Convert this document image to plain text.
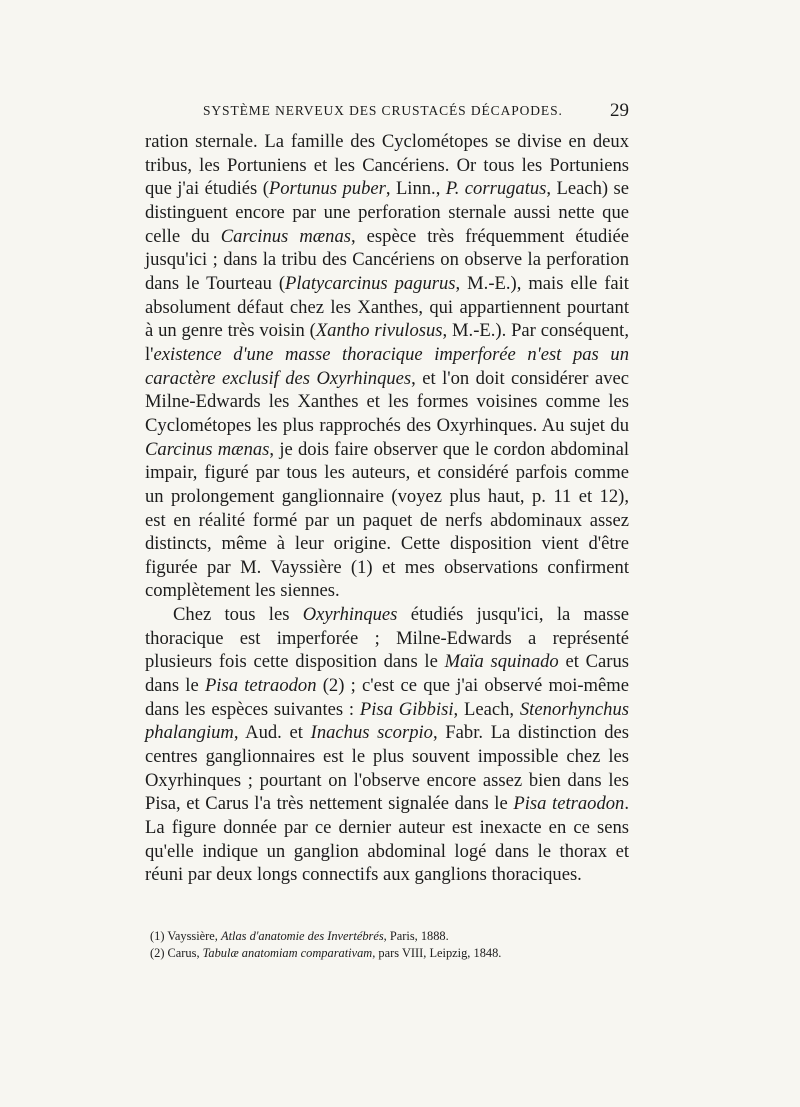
SYSTÈME NERVEUX DES CRUSTACÉS DÉCAPODES. 29

ration sternale. La famille des Cyclométopes se divise en deux tribus, les Portuniens et les Cancériens. Or tous les Portuniens que j'ai étudiés (Portunus puber, Linn., P. corrugatus, Leach) se distinguent encore par une perforation sternale aussi nette que celle du Carcinus mænas, espèce très fréquemment étudiée jusqu'ici ; dans la tribu des Cancériens on observe la perforation dans le Tourteau (Platycarcinus pagurus, M.-E.), mais elle fait absolument défaut chez les Xanthes, qui appartiennent pourtant à un genre très voisin (Xantho rivulosus, M.-E.). Par conséquent, l'existence d'une masse thoracique imperforée n'est pas un caractère exclusif des Oxyrhinques, et l'on doit considérer avec Milne-Edwards les Xanthes et les formes voisines comme les Cyclométopes les plus rapprochés des Oxyrhinques. Au sujet du Carcinus mænas, je dois faire observer que le cordon abdominal impair, figuré par tous les auteurs, et considéré parfois comme un prolongement ganglionnaire (voyez plus haut, p. 11 et 12), est en réalité formé par un paquet de nerfs abdominaux assez distincts, même à leur origine. Cette disposition vient d'être figurée par M. Vayssière (1) et mes observations confirment complètement les siennes.

Chez tous les Oxyrhinques étudiés jusqu'ici, la masse thoracique est imperforée ; Milne-Edwards a représenté plusieurs fois cette disposition dans le Maïa squinado et Carus dans le Pisa tetraodon (2) ; c'est ce que j'ai observé moi-même dans les espèces suivantes : Pisa Gibbisi, Leach, Stenorhynchus phalangium, Aud. et Inachus scorpio, Fabr. La distinction des centres ganglionnaires est le plus souvent impossible chez les Oxyrhinques ; pourtant on l'observe encore assez bien dans les Pisa, et Carus l'a très nettement signalée dans le Pisa tetraodon. La figure donnée par ce dernier auteur est inexacte en ce sens qu'elle indique un ganglion abdominal logé dans le thorax et réuni par deux longs connectifs aux ganglions thoraciques.

(1) Vayssière, Atlas d'anatomie des Invertébrés, Paris, 1888.
(2) Carus, Tabulæ anatomiam comparativam, pars VIII, Leipzig, 1848.
